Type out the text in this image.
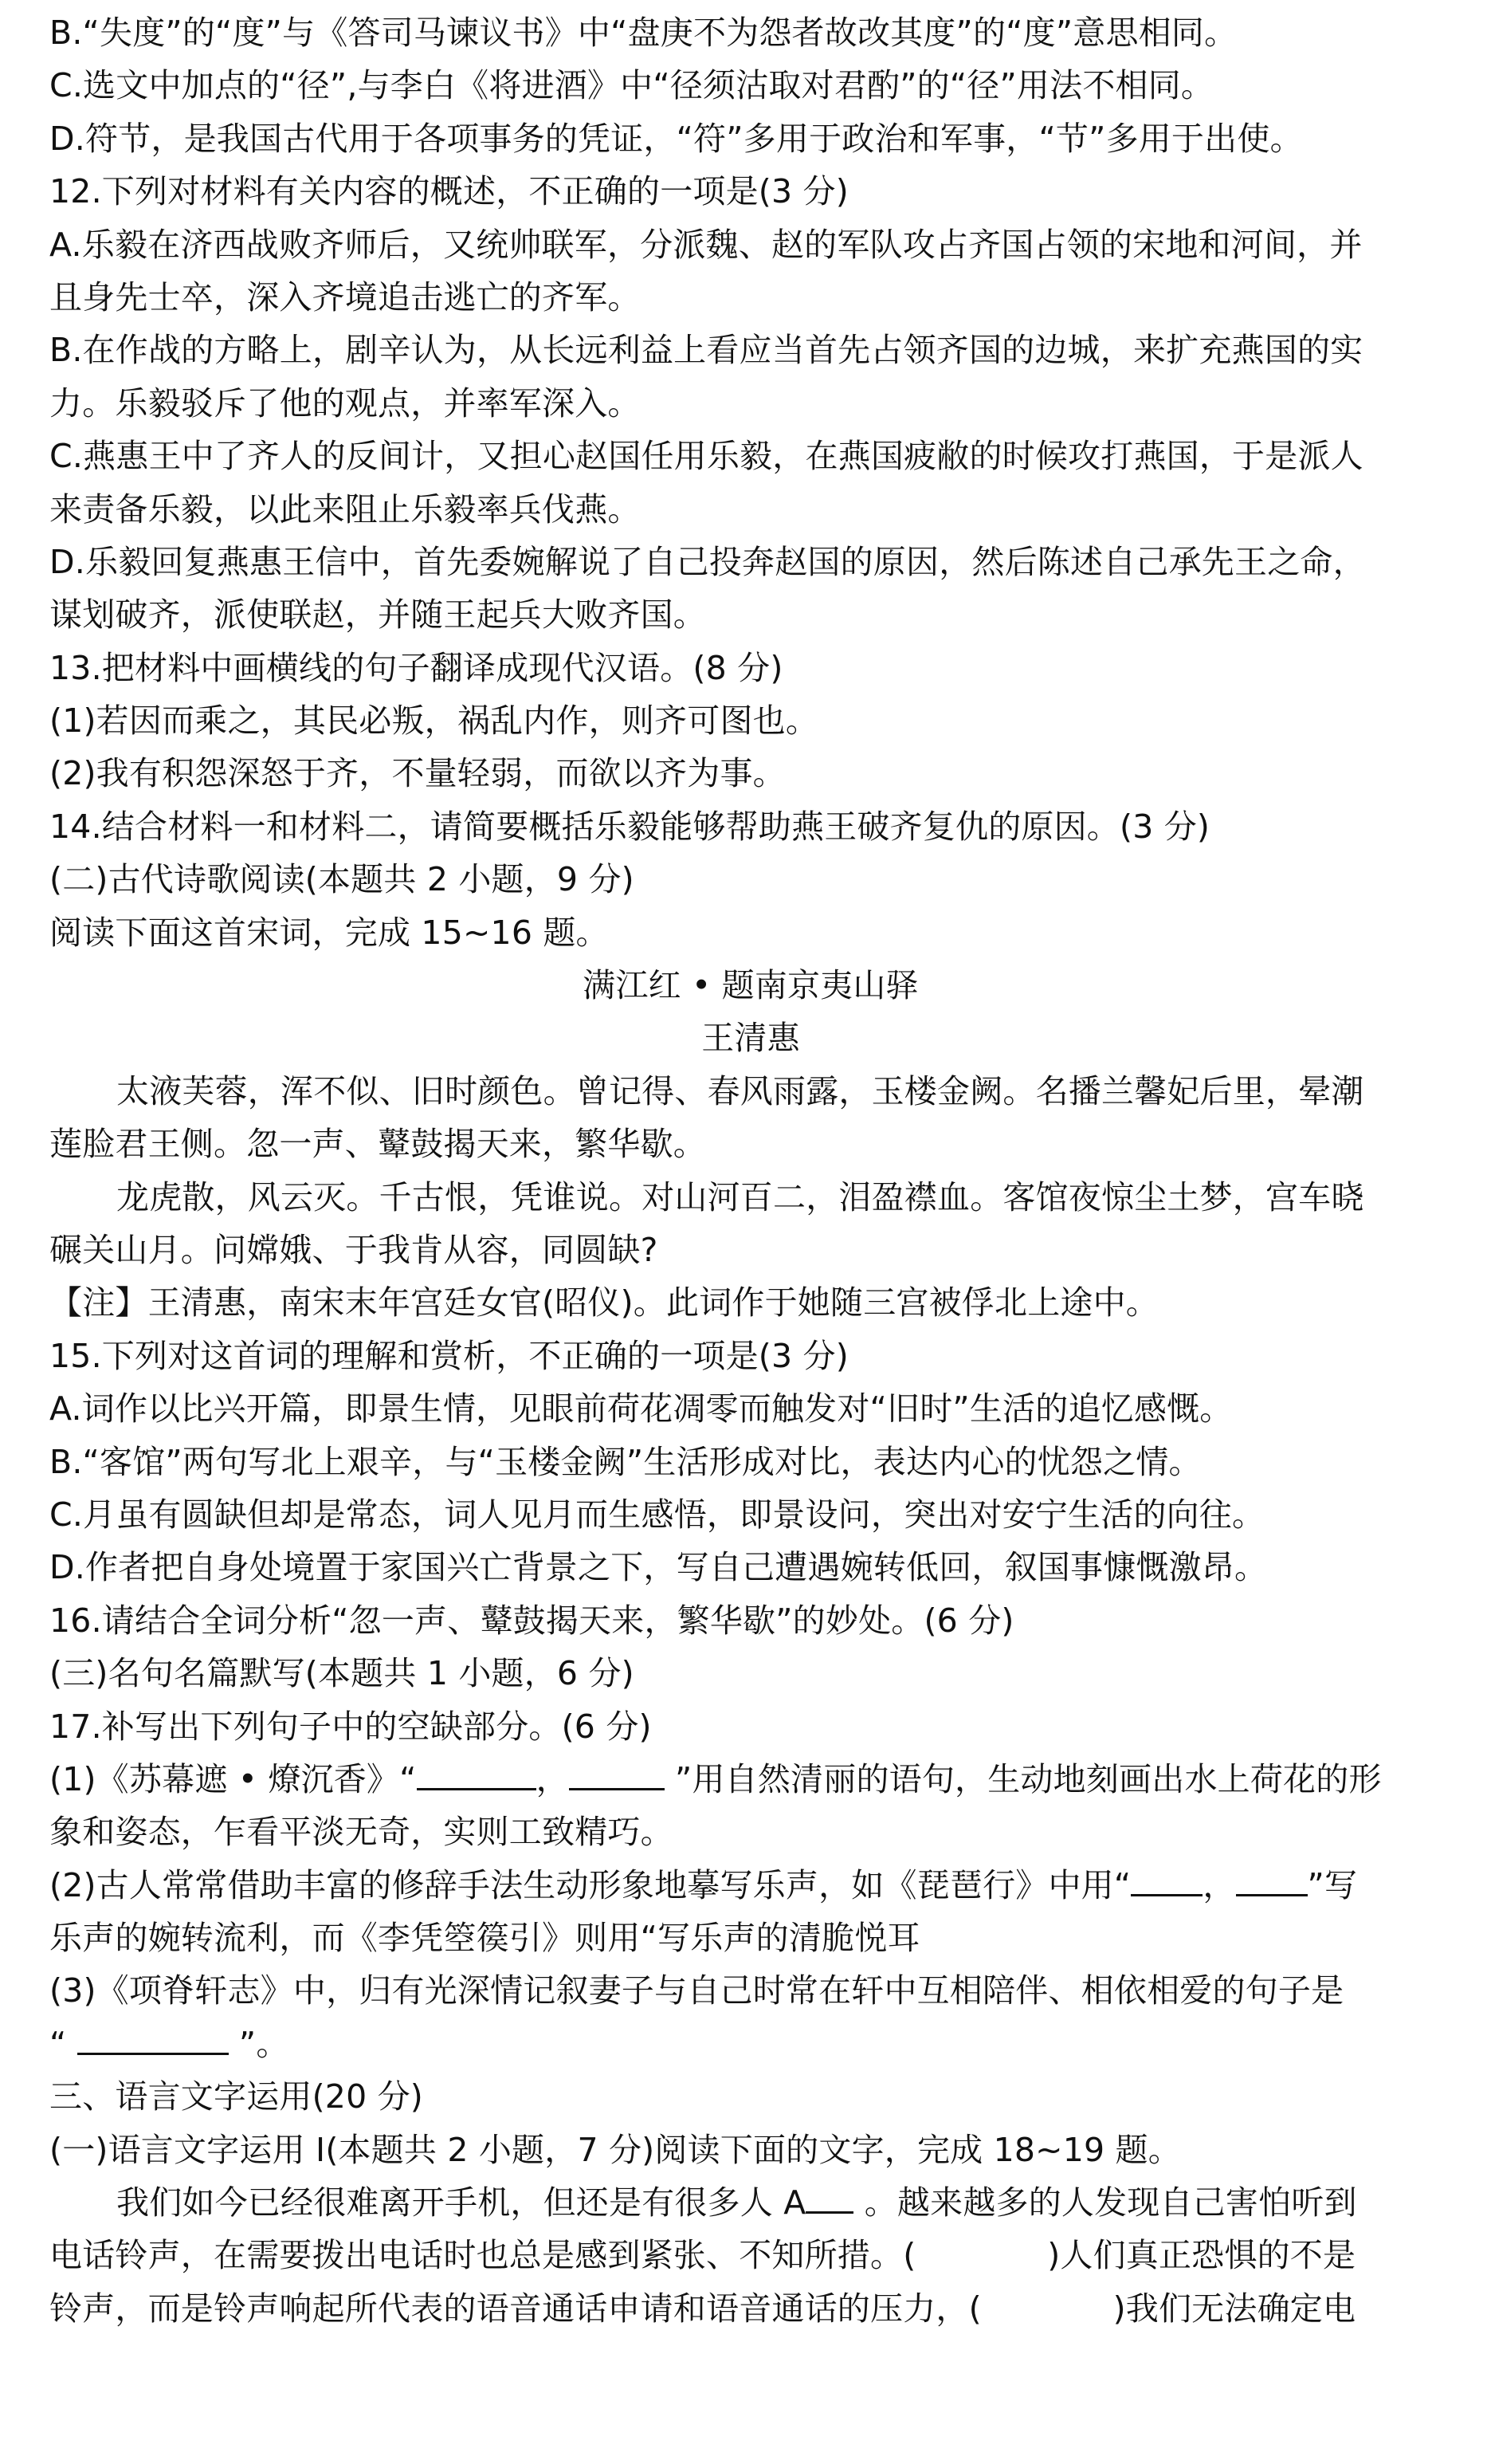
B.“失度”的“度”与《答司马谏议书》中“盘庚不为怨者故改其度”的“度”意思相同。
C.选文中加点的“径”,与李白《将进酒》中“径须沽取对君酌”的“径”用法不相同。
D.符节，是我国古代用于各项事务的凭证，“符”多用于政治和军事，“节”多用于出使。
12.下列对材料有关内容的概述，不正确的一项是(3 分)
A.乐毅在济西战败齐师后，又统帅联军，分派魏、赵的军队攻占齐国占领的宋地和河间，并
且身先士卒，深入齐境追击逃亡的齐军。
B.在作战的方略上，剧辛认为，从长远利益上看应当首先占领齐国的边城，来扩充燕国的实
力。乐毅驳斥了他的观点，并率军深入。
C.燕惠王中了齐人的反间计，又担心赵国任用乐毅，在燕国疲敝的时候攻打燕国，于是派人
来责备乐毅，以此来阻止乐毅率兵伐燕。
D.乐毅回复燕惠王信中，首先委婉解说了自己投奔赵国的原因，然后陈述自己承先王之命，
谋划破齐，派使联赵，并随王起兵大败齐国。
13.把材料中画横线的句子翻译成现代汉语。(8 分)
(1)若因而乘之，其民必叛，祸乱内作，则齐可图也。
(2)我有积怨深怒于齐，不量轻弱，而欲以齐为事。
14.结合材料一和材料二，请简要概括乐毅能够帮助燕王破齐复仇的原因。(3 分)
(二)古代诗歌阅读(本题共 2 小题，9 分)
阅读下面这首宋词，完成 15~16 题。
满江红 • 题南京夷山驿
王清惠
太液芙蓉，浑不似、旧时颜色。曾记得、春风雨露，玉楼金阙。名播兰馨妃后里，晕潮
莲脸君王侧。忽一声、鼙鼓揭天来，繁华歇。
龙虎散，风云灭。千古恨，凭谁说。对山河百二，泪盈襟血。客馆夜惊尘土梦，宫车晓
碾关山月。问嫦娥、于我肯从容，同圆缺?
【注】王清惠，南宋末年宫廷女官(昭仪)。此词作于她随三宫被俘北上途中。
15.下列对这首词的理解和赏析，不正确的一项是(3 分)
A.词作以比兴开篇，即景生情，见眼前荷花凋零而触发对“旧时”生活的追忆感慨。
B.“客馆”两句写北上艰辛，与“玉楼金阙”生活形成对比，表达内心的忧怨之情。
C.月虽有圆缺但却是常态，词人见月而生感悟，即景设问，突出对安宁生活的向往。
D.作者把自身处境置于家国兴亡背景之下，写自己遭遇婉转低回，叙国事慷慨激昂。
16.请结合全词分析“忽一声、鼙鼓揭天来，繁华歇”的妙处。(6 分)
(三)名句名篇默写(本题共 1 小题，6 分)
17.补写出下列句子中的空缺部分。(6 分)
(1)《苏幕遮 • 燎沉香》“	，	”用自然清丽的语句，生动地刻画出水上荷花的形
象和姿态，乍看平淡无奇，实则工致精巧。
(2)古人常常借助丰富的修辞手法生动形象地摹写乐声，如《琵琶行》中用“ ， ”写
乐声的婉转流利，而《李凭箜篌引》则用“写乐声的清脆悦耳
(3)《项脊轩志》中，归有光深情记叙妻子与自己时常在轩中互相陪伴、相依相爱的句子是
“	”。
三、语言文字运用(20 分)
(一)语言文字运用 Ⅰ(本题共 2 小题，7 分)阅读下面的文字，完成 18~19 题。
我们如今已经很难离开手机，但还是有很多人 A 。越来越多的人发现自己害怕听到
电话铃声，在需要拨出电话时也总是感到紧张、不知所措。(　　　　)人们真正恐惧的不是
铃声，而是铃声响起所代表的语音通话申请和语音通话的压力，(　　　　)我们无法确定电
